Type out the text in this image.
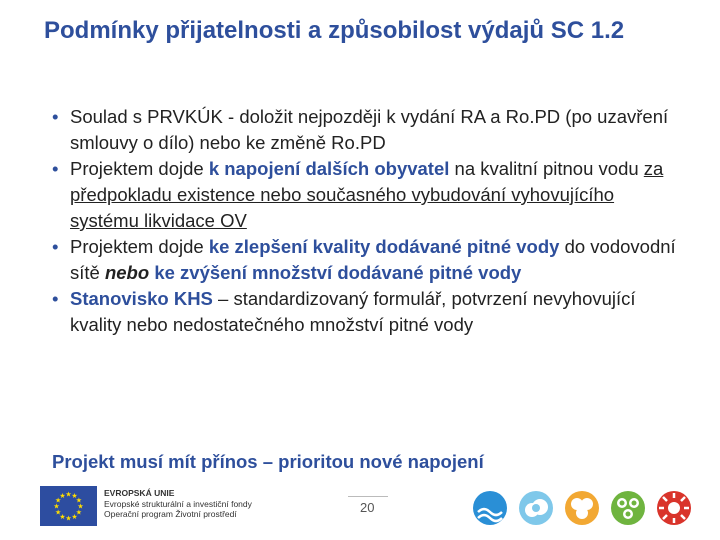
Podmínky přijatelnosti a způsobilost výdajů SC 1.2
• Soulad s PRVKÚK - doložit nejpozději k vydání RA a Ro.PD (po uzavření smlouvy o dílo) nebo ke změně Ro.PD
• Projektem dojde k napojení dalších obyvatel na kvalitní pitnou vodu za předpokladu existence nebo současného vybudování vyhovujícího systému likvidace OV
• Projektem dojde ke zlepšení kvality dodávané pitné vody do vodovodní sítě nebo ke zvýšení množství dodávané pitné vody
• Stanovisko KHS – standardizovaný formulář, potvrzení nevyhovující kvality nebo nedostatečného množství pitné vody
Projekt musí mít přínos – prioritou nové napojení
★
★
★
★
★
★
★
★
★ ★ ★
★
EVROPSKÁ UNIE
Evropské strukturální a investiční fondy
Operační program Životní prostředí	20
